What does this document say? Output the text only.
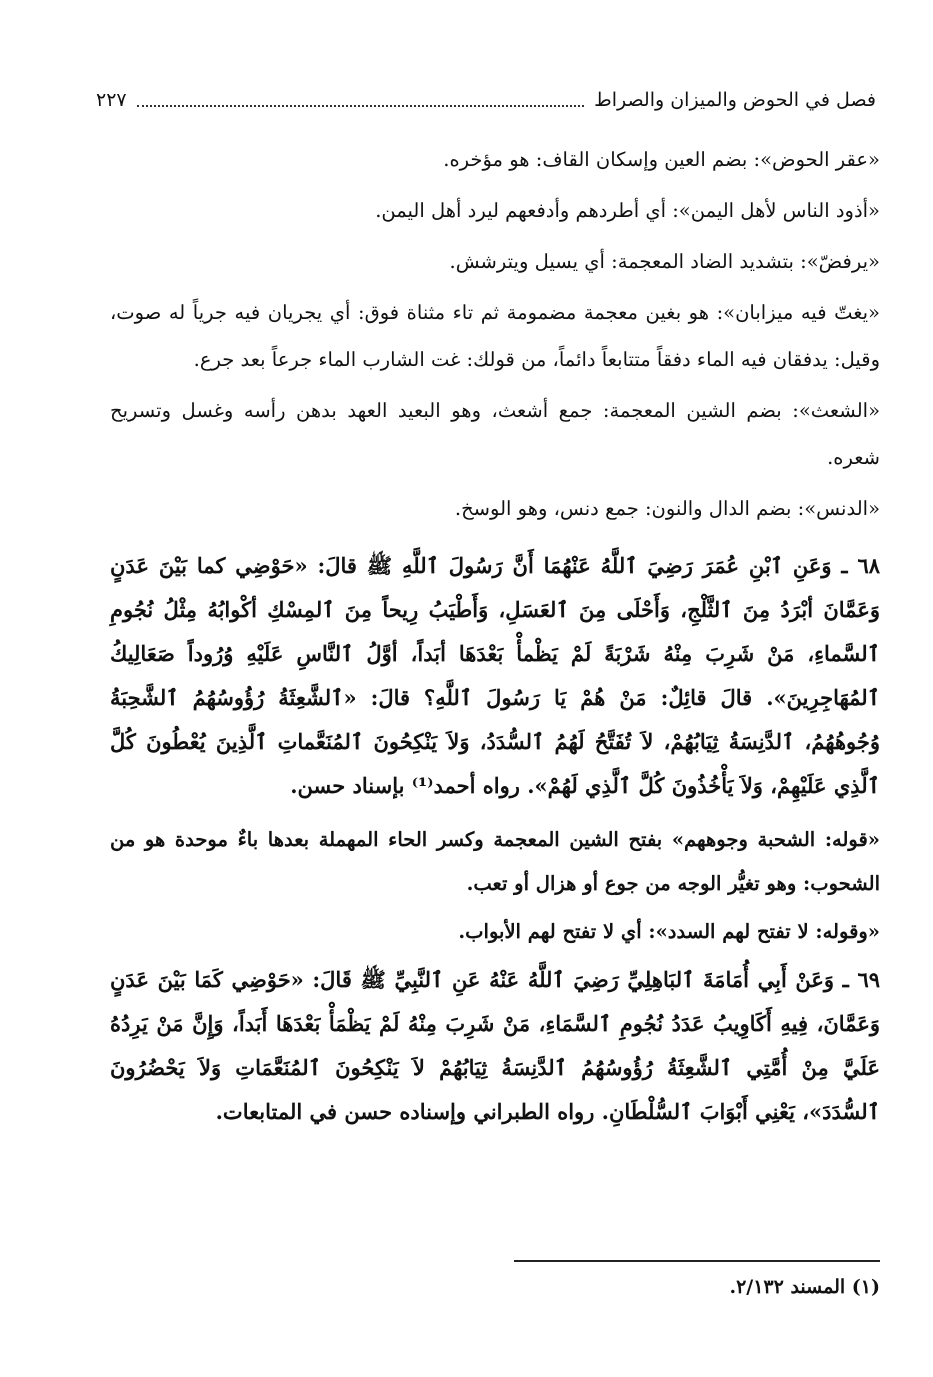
فصل في الحوض والميزان والصراط
٢٢٧

«عقر الحوض»: بضم العين وإسكان القاف: هو مؤخره.

«أذود الناس لأهل اليمن»: أي أطردهم وأدفعهم ليرد أهل اليمن.

«يرفضّ»: بتشديد الضاد المعجمة: أي يسيل ويترشش.

«يغتّ فيه ميزابان»: هو بغين معجمة مضمومة ثم تاء مثناة فوق: أي يجريان فيه جرياً له صوت، وقيل: يدفقان فيه الماء دفقاً متتابعاً دائماً، من قولك: غت الشارب الماء جرعاً بعد جرع.

«الشعث»: بضم الشين المعجمة: جمع أشعث، وهو البعيد العهد بدهن رأسه وغسل وتسريح شعره.

«الدنس»: بضم الدال والنون: جمع دنس، وهو الوسخ.

٦٨ ـ وَعَنِ ٱبْنِ عُمَرَ رَضِيَ ٱللَّهُ عَنْهُمَا أَنَّ رَسُولَ ٱللَّهِ ﷺ قالَ: «حَوْضِي كما بَيْنَ عَدَنٍ وَعَمَّانَ أبْرَدُ مِنَ ٱلثَّلْجِ، وَأَحْلَى مِنَ ٱلعَسَلِ، وَأَطْيَبُ رِيحاً مِنَ ٱلمِسْكِ أكْوابُهُ مِثْلُ نُجُومِ ٱلسَّماءِ، مَنْ شَرِبَ مِنْهُ شَرْبَةً لَمْ يَظْمأْ بَعْدَهَا أبَداً، أوَّلُ ٱلنَّاسِ عَلَيْهِ وُرُوداً صَعَالِيكُ ٱلمُهَاجِرِينَ». قالَ قائِلٌ: مَنْ هُمْ يَا رَسُولَ ٱللَّهِ؟ قالَ: «ٱلشَّعِثَةُ رُؤُوسُهُمُ ٱلشَّحِبَةُ وُجُوهُهُمُ، ٱلدَّنِسَةُ ثِيَابُهُمْ، لاَ تُفَتَّحُ لَهُمُ ٱلسُّدَدُ، وَلاَ يَنْكِحُونَ ٱلمُنَعَّماتِ ٱلَّذِينَ يُعْطُونَ كُلَّ ٱلَّذِي عَلَيْهِمْ، وَلاَ يَأْخُذُونَ كُلَّ ٱلَّذِي لَهُمْ». رواه أحمد⁽¹⁾ بإسناد حسن.

«قوله: الشحبة وجوههم» بفتح الشين المعجمة وكسر الحاء المهملة بعدها باءٌ موحدة هو من الشحوب: وهو تغيُّر الوجه من جوع أو هزال أو تعب.

«وقوله: لا تفتح لهم السدد»: أي لا تفتح لهم الأبواب.

٦٩ ـ وَعَنْ أَبِي أُمَامَةَ ٱلبَاهِلِيِّ رَضِيَ ٱللَّهُ عَنْهُ عَنِ ٱلنَّبِيِّ ﷺ قَالَ: «حَوْضِي كَمَا بَيْنَ عَدَنٍ وَعَمَّانَ، فِيهِ أَكَاوِيبُ عَدَدُ نُجُومِ ٱلسَّمَاءِ، مَنْ شَرِبَ مِنْهُ لَمْ يَظْمَأْ بَعْدَهَا أَبَداً، وَإِنَّ مَنْ يَرِدُهُ عَلَيَّ مِنْ أُمَّتِي ٱلشَّعِثَةُ رُؤُوسُهُمُ ٱلدَّنِسَةُ ثِيَابُهُمْ لاَ يَنْكِحُونَ ٱلمُنَعَّمَاتِ وَلاَ يَحْضُرُونَ ٱلسُّدَدَ»، يَعْنِي أَبْوَابَ ٱلسُّلْطَانِ. رواه الطبراني وإسناده حسن في المتابعات.

(١) المسند ٢/١٣٢.
